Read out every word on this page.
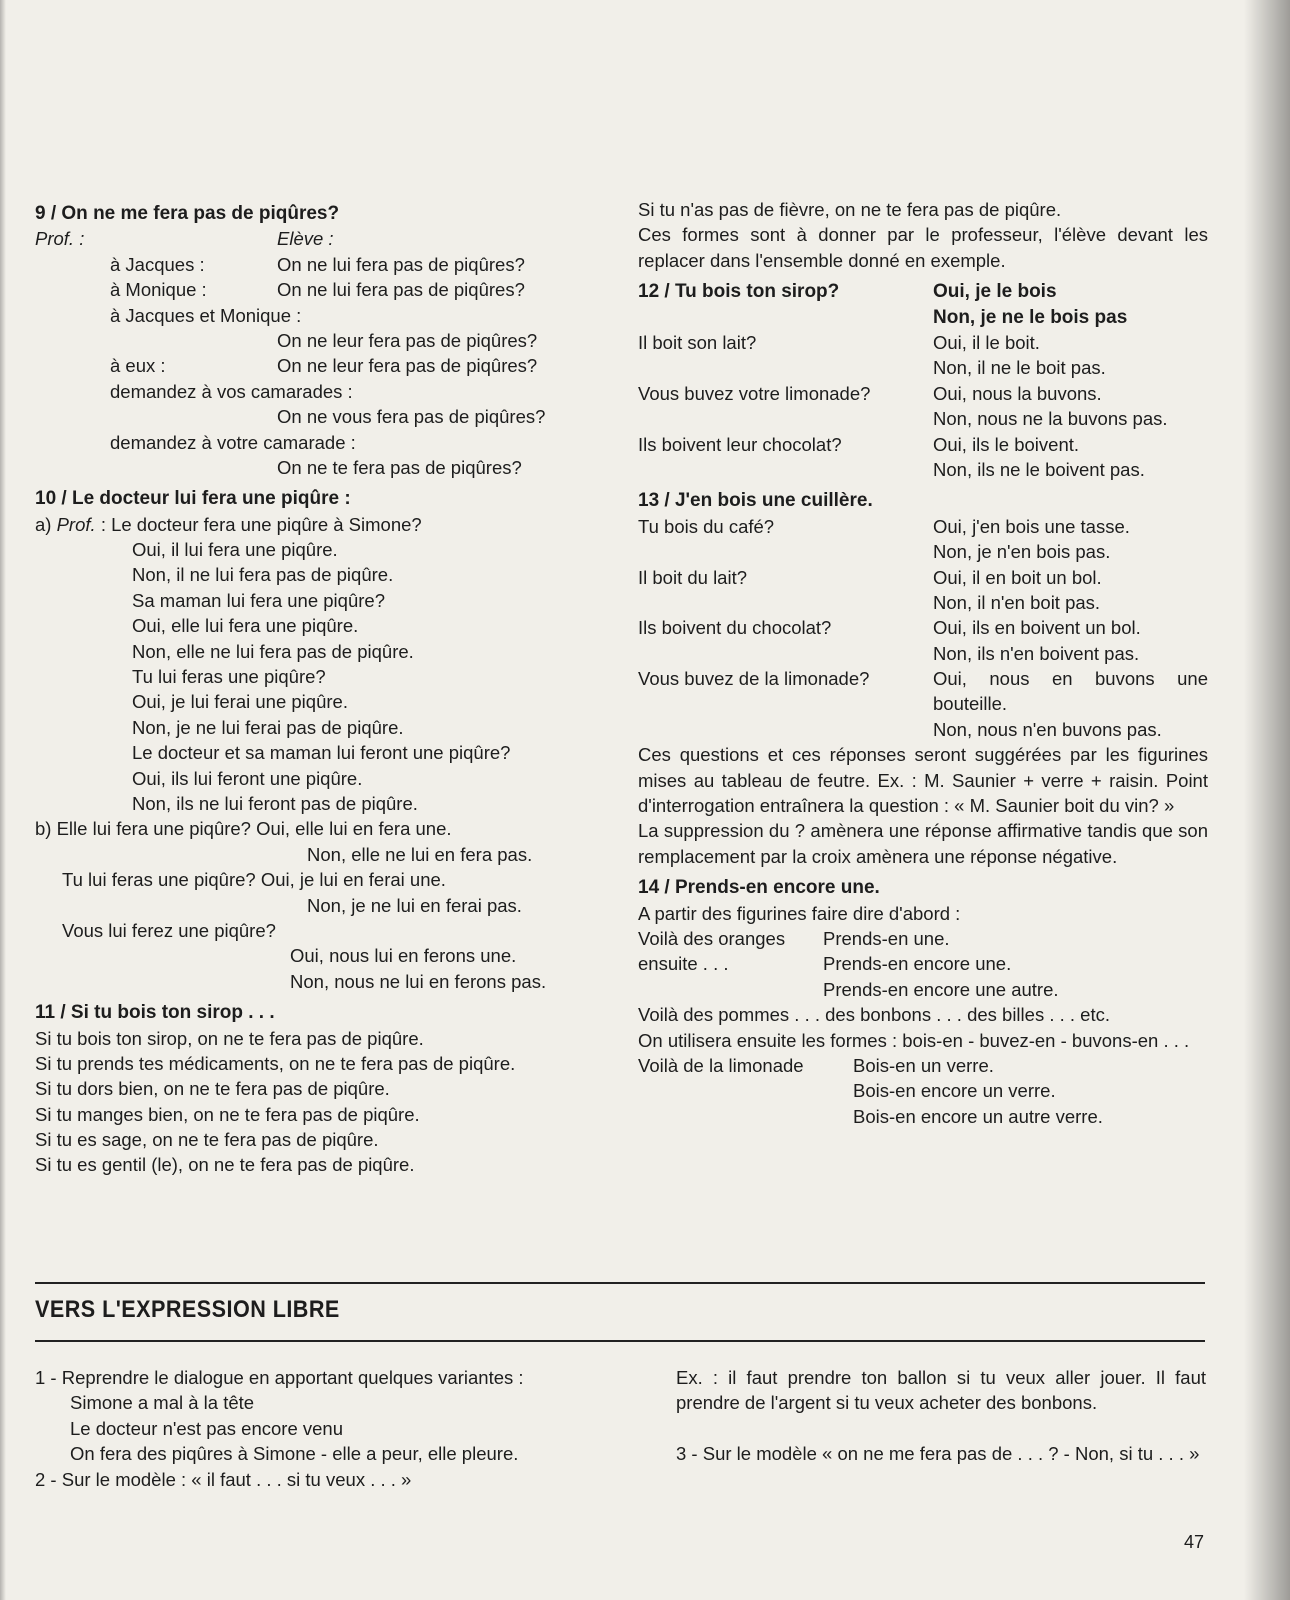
9 / On ne me fera pas de piqûres?
Prof. :	Elève :
à Jacques :	On ne lui fera pas de piqûres?
à Monique :	On ne lui fera pas de piqûres?
à Jacques et Monique :
On ne leur fera pas de piqûres?
à eux :	On ne leur fera pas de piqûres?
demandez à vos camarades :
On ne vous fera pas de piqûres?
demandez à votre camarade :
On ne te fera pas de piqûres?
10 / Le docteur lui fera une piqûre :
a) Prof. : Le docteur fera une piqûre à Simone?
Oui, il lui fera une piqûre.
Non, il ne lui fera pas de piqûre.
Sa maman lui fera une piqûre?
Oui, elle lui fera une piqûre.
Non, elle ne lui fera pas de piqûre.
Tu lui feras une piqûre?
Oui, je lui ferai une piqûre.
Non, je ne lui ferai pas de piqûre.
Le docteur et sa maman lui feront une piqûre?
Oui, ils lui feront une piqûre.
Non, ils ne lui feront pas de piqûre.
b) Elle lui fera une piqûre? Oui, elle lui en fera une.
Non, elle ne lui en fera pas.
Tu lui feras une piqûre? Oui, je lui en ferai une.
Non, je ne lui en ferai pas.
Vous lui ferez une piqûre?
Oui, nous lui en ferons une.
Non, nous ne lui en ferons pas.
11 / Si tu bois ton sirop . . .
Si tu bois ton sirop, on ne te fera pas de piqûre.
Si tu prends tes médicaments, on ne te fera pas de piqûre.
Si tu dors bien, on ne te fera pas de piqûre.
Si tu manges bien, on ne te fera pas de piqûre.
Si tu es sage, on ne te fera pas de piqûre.
Si tu es gentil (le), on ne te fera pas de piqûre.
Si tu n'as pas de fièvre, on ne te fera pas de piqûre.
Ces formes sont à donner par le professeur, l'élève devant les replacer dans l'ensemble donné en exemple.
12 / Tu bois ton sirop?	Oui, je le bois
Non, je ne le bois pas
Il boit son lait?	Oui, il le boit.
Non, il ne le boit pas.
Vous buvez votre limonade?	Oui, nous la buvons.
Non, nous ne la buvons pas.
Ils boivent leur chocolat?	Oui, ils le boivent.
Non, ils ne le boivent pas.
13 / J'en bois une cuillère.
Tu bois du café?	Oui, j'en bois une tasse.
Non, je n'en bois pas.
Il boit du lait?	Oui, il en boit un bol.
Non, il n'en boit pas.
Ils boivent du chocolat?	Oui, ils en boivent un bol.
Non, ils n'en boivent pas.
Vous buvez de la limonade?	Oui, nous en buvons une
bouteille.
Non, nous n'en buvons pas.
Ces questions et ces réponses seront suggérées par les figurines mises au tableau de feutre. Ex. : M. Saunier + verre + raisin. Point d'interrogation entraînera la question : « M. Saunier boit du vin? »
La suppression du ? amènera une réponse affirmative tandis que son remplacement par la croix amènera une réponse négative.
14 / Prends-en encore une.
A partir des figurines faire dire d'abord :
Voilà des oranges	Prends-en une.
ensuite . . .	Prends-en encore une.
Prends-en encore une autre.
Voilà des pommes . . . des bonbons . . . des billes . . . etc.
On utilisera ensuite les formes : bois-en - buvez-en - buvons-en . . .
Voilà de la limonade	Bois-en un verre.
Bois-en encore un verre.
Bois-en encore un autre verre.
VERS L'EXPRESSION LIBRE
1 - Reprendre le dialogue en apportant quelques variantes :
Simone a mal à la tête
Le docteur n'est pas encore venu
On fera des piqûres à Simone - elle a peur, elle pleure.
2 - Sur le modèle : « il faut . . . si tu veux . . . »
Ex. : il faut prendre ton ballon si tu veux aller jouer. Il faut prendre de l'argent si tu veux acheter des bonbons.
3 - Sur le modèle « on ne me fera pas de . . . ? - Non, si tu . . . »
47
